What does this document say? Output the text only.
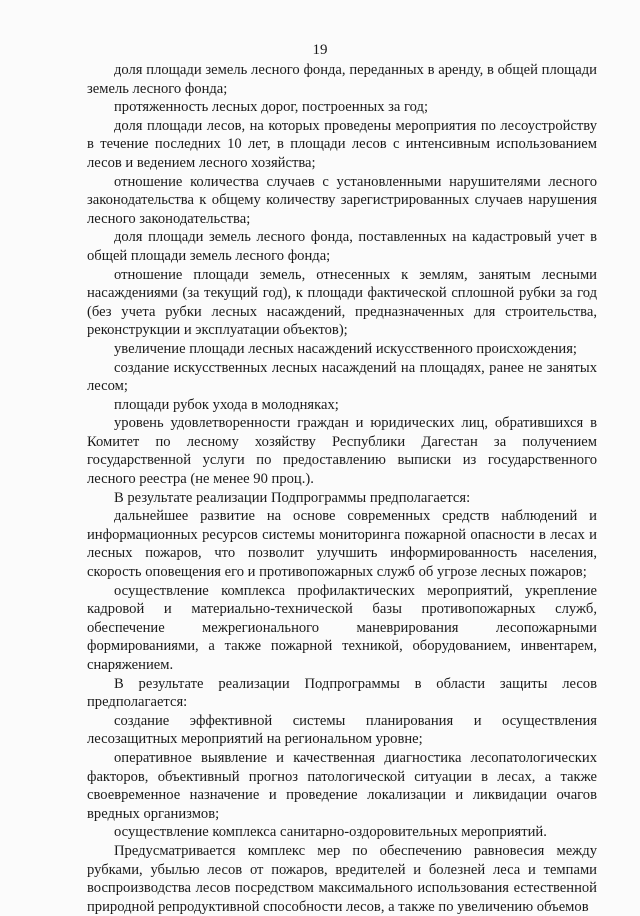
19

доля площади земель лесного фонда, переданных в аренду, в общей площади земель лесного фонда;

протяженность лесных дорог, построенных за год;

доля площади лесов, на которых проведены мероприятия по лесоустройству в течение последних 10 лет, в площади лесов с интенсивным использованием лесов и ведением лесного хозяйства;

отношение количества случаев с установленными нарушителями лесного законодательства к общему количеству зарегистрированных случаев нарушения лесного законодательства;

доля площади земель лесного фонда, поставленных на кадастровый учет в общей площади земель лесного фонда;

отношение площади земель, отнесенных к землям, занятым лесными насаждениями (за текущий год), к площади фактической сплошной рубки за год (без учета рубки лесных насаждений, предназначенных для строительства, реконструкции и эксплуатации объектов);

увеличение площади лесных насаждений искусственного происхождения;

создание искусственных лесных насаждений на площадях, ранее не занятых лесом;

площади рубок ухода в молодняках;

уровень удовлетворенности граждан и юридических лиц, обратившихся в Комитет по лесному хозяйству Республики Дагестан за получением государственной услуги по предоставлению выписки из государственного лесного реестра (не менее 90 проц.).

В результате реализации Подпрограммы предполагается:

дальнейшее развитие на основе современных средств наблюдений и информационных ресурсов системы мониторинга пожарной опасности в лесах и лесных пожаров, что позволит улучшить информированность населения, скорость оповещения его и противопожарных служб об угрозе лесных пожаров;

осуществление комплекса профилактических мероприятий, укрепление кадровой и материально-технической базы противопожарных служб, обеспечение межрегионального маневрирования лесопожарными формированиями, а также пожарной техникой, оборудованием, инвентарем, снаряжением.

В результате реализации Подпрограммы в области защиты лесов предполагается:

создание эффективной системы планирования и осуществления лесозащитных мероприятий на региональном уровне;

оперативное выявление и качественная диагностика лесопатологических факторов, объективный прогноз патологической ситуации в лесах, а также своевременное назначение и проведение локализации и ликвидации очагов вредных организмов;

осуществление комплекса санитарно-оздоровительных мероприятий.

Предусматривается комплекс мер по обеспечению равновесия между рубками, убылью лесов от пожаров, вредителей и болезней леса и темпами воспроизводства лесов посредством максимального использования естественной природной репродуктивной способности лесов, а также по увеличению объемов
